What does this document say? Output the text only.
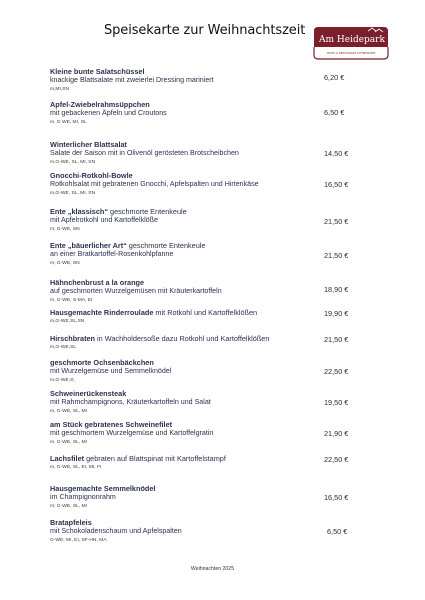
Speisekarte zur Weihnachtszeit
Am Heidepark
HOTEL & RESTAURANT DITTERSDORF
Kleine bunte Salatschüssel
knackige Blattsalate mit zweierlei Dressing mariniert
m,MI,SN
6,20 €
Apfel-Zwiebelrahmsüppchen
mit gebackenen Äpfeln und Croutons
m, G WE, MI, SL
6,50 €
Winterlicher Blattsalat
Salate der Saison mit in Olivenöl gerösteten Brotscheibchen
m,G-WE, SL, MI, SN
14,50 €
Gnocchi-Rotkohl-Bowle
Rotkohlsalat mit gebratenen Gnocchi, Apfelspalten und Hirtenkäse
m,G-WE, SL, MI, SN
16,50 €
Ente „klassisch“ geschmorte Entenkeule
mit Apfelrotkohl und Kartoffelklöße
m; G-WE, SN
21,50 €
Ente „bäuerlicher Art“ geschmorte Entenkeule
an einer Bratkartoffel-Rosenkohlpfanne
m; G-WE, SN
21,50 €
Hähnchenbrust a la orange
auf geschmorten Wurzelgemüsen mit Kräuterkartoffeln
m, G-WE, S-MA, EI
18,90 €
Hausgemachte Rinderroulade mit Rotkohl und Kartoffelklößen
m,G-WE,SL,SN
19,90 €
Hirschbraten in Wachholdersoße dazu Rotkohl und Kartoffelklößen
m,G-WE,SL
21,50 €
geschmorte Ochsenbäckchen
mit Wurzelgemüse und Semmelknödel
m,G-WE,S;
22,50 €
Schweinerückensteak
mit Rahmchampignons, Kräuterkartoffeln und Salat
m, G-WE, SL, MI
19,50 €
am Stück gebratenes Schweinefilet
mit geschmortem Wurzelgemüse und Kartoffelgratin
m, G-WE, SL, MI
21,90 €
Lachsfilet gebraten auf Blattspinat mit Kartoffelstampf
m, G-WE, SL, EI, MI, FI
22,50 €
Hausgemachte Semmelknödel
im Champignonrahm
m; G-WE, SL, MI
16,50 €
Bratapfeleis
mit Schokoladenschaum und Apfelspalten
G-WE; MI, EI, SF-HN, MA
6,50 €
Weihnachten 2025
